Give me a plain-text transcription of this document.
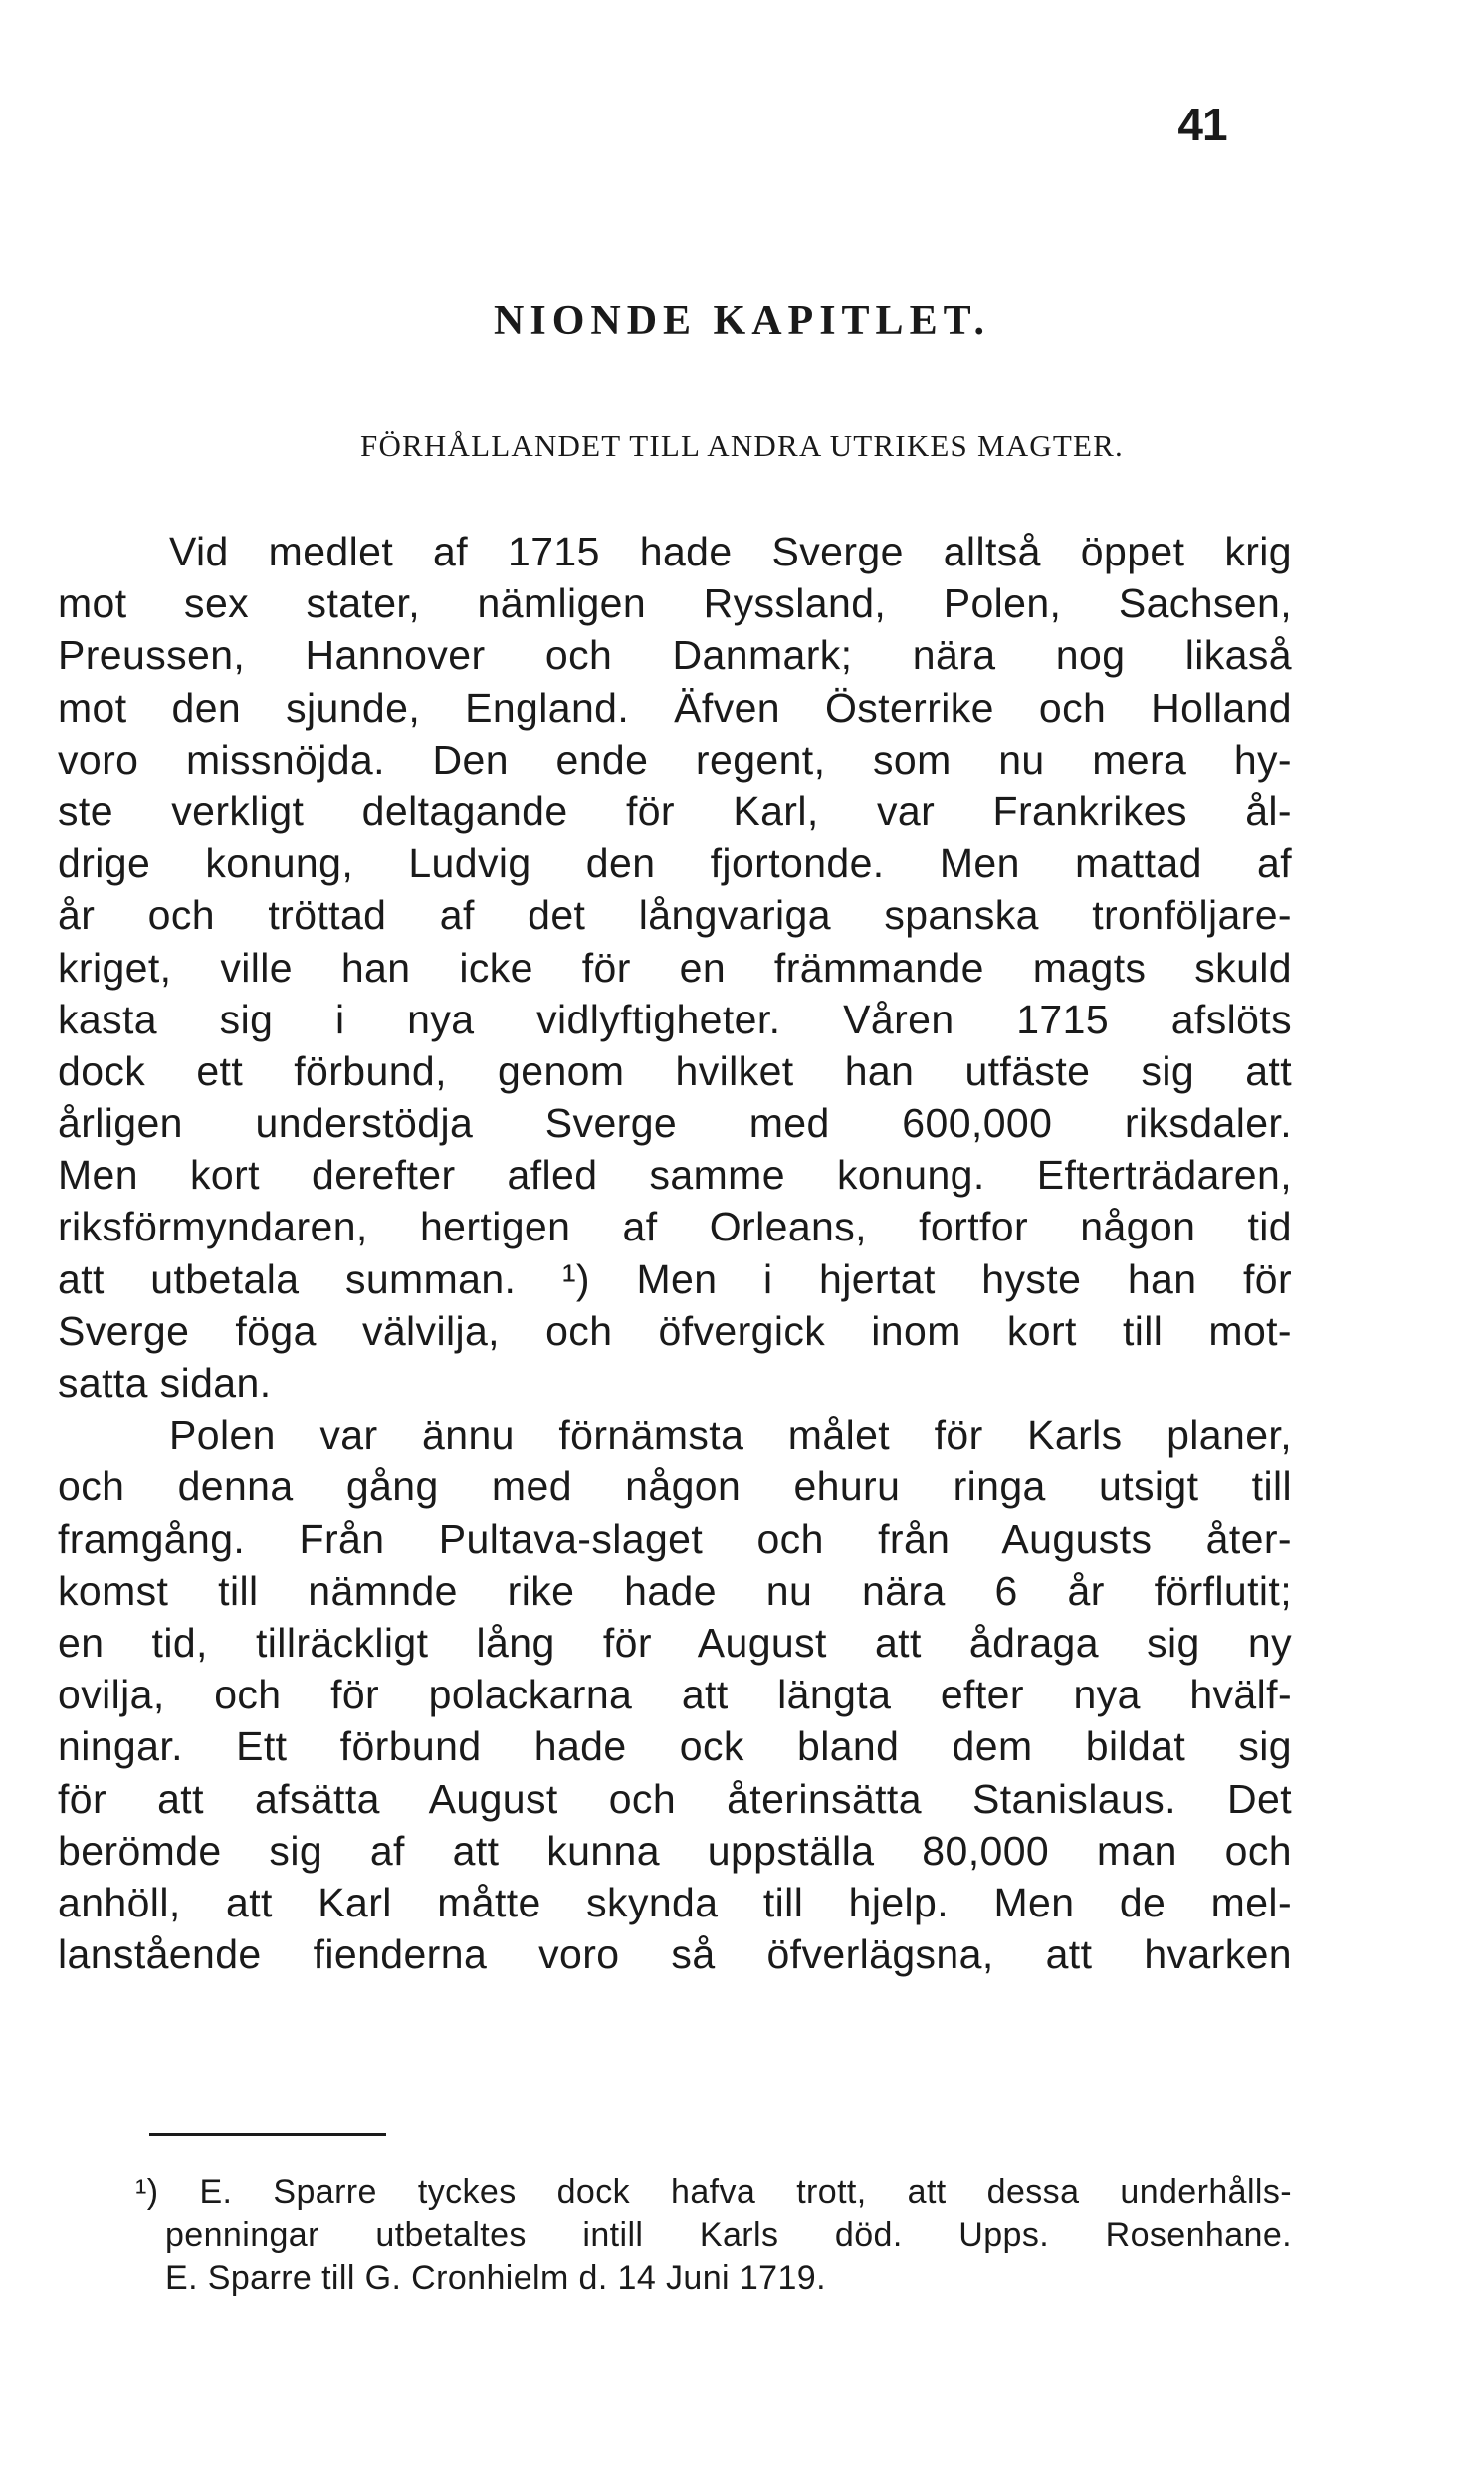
41
NIONDE KAPITLET.
FÖRHÅLLANDET TILL ANDRA UTRIKES MAGTER.
Vid medlet af 1715 hade Sverge alltså öppet krig
mot sex stater, nämligen Ryssland, Polen, Sachsen,
Preussen, Hannover och Danmark; nära nog likaså
mot den sjunde, England. Äfven Österrike och Holland
voro missnöjda. Den ende regent, som nu mera hy-
ste verkligt deltagande för Karl, var Frankrikes ål-
drige konung, Ludvig den fjortonde. Men mattad af
år och tröttad af det långvariga spanska tronföljare-
kriget, ville han icke för en främmande magts skuld
kasta sig i nya vidlyftigheter. Våren 1715 afslöts
dock ett förbund, genom hvilket han utfäste sig att
årligen understödja Sverge med 600,000 riksdaler.
Men kort derefter afled samme konung. Efterträdaren,
riksförmyndaren, hertigen af Orleans, fortfor någon tid
att utbetala summan. ¹) Men i hjertat hyste han för
Sverge föga välvilja, och öfvergick inom kort till mot-
satta sidan.
Polen var ännu förnämsta målet för Karls planer,
och denna gång med någon ehuru ringa utsigt till
framgång. Från Pultava-slaget och från Augusts åter-
komst till nämnde rike hade nu nära 6 år förflutit;
en tid, tillräckligt lång för August att ådraga sig ny
ovilja, och för polackarna att längta efter nya hvälf-
ningar. Ett förbund hade ock bland dem bildat sig
för att afsätta August och återinsätta Stanislaus. Det
berömde sig af att kunna uppställa 80,000 man och
anhöll, att Karl måtte skynda till hjelp. Men de mel-
lanstående fienderna voro så öfverlägsna, att hvarken
¹) E. Sparre tyckes dock hafva trott, att dessa underhålls-
penningar utbetaltes intill Karls död. Upps. Rosenhane.
E. Sparre till G. Cronhielm d. 14 Juni 1719.
